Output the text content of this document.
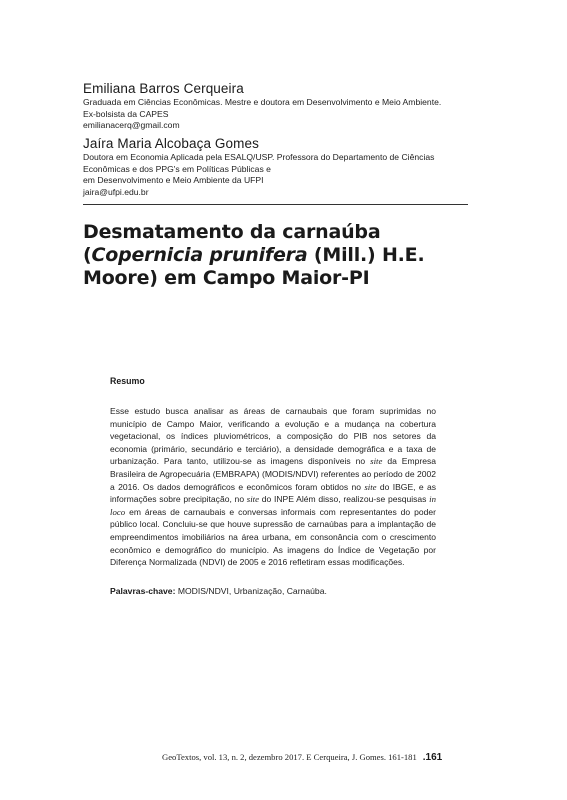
Emiliana Barros Cerqueira
Graduada em Ciências Econômicas. Mestre e doutora em Desenvolvimento e Meio Ambiente.
Ex-bolsista da CAPES
emilianacerq@gmail.com
Jaíra Maria Alcobaça Gomes
Doutora em Economia Aplicada pela ESALQ/USP. Professora do Departamento de Ciências
Econômicas e dos PPG's em Políticas Públicas e
em Desenvolvimento e Meio Ambiente da UFPI
jaira@ufpi.edu.br
Desmatamento da carnaúba (Copernicia prunifera (Mill.) H.E. Moore) em Campo Maior-PI
Resumo
Esse estudo busca analisar as áreas de carnaubais que foram suprimidas no município de Campo Maior, verificando a evolução e a mudança na cobertura vegetacional, os índices pluviométricos, a composição do PIB nos setores da economia (primário, secundário e terciário), a densidade demográfica e a taxa de urbanização. Para tanto, utilizou-se as imagens disponíveis no site da Empresa Brasileira de Agropecuária (EMBRAPA) (MODIS/NDVI) referentes ao período de 2002 a 2016. Os dados demográficos e econômicos foram obtidos no site do IBGE, e as informações sobre precipitação, no site do INPE Além disso, realizou-se pesquisas in loco em áreas de carnaubais e conversas informais com representantes do poder público local. Concluiu-se que houve supressão de carnaúbas para a implantação de empreendimentos imobiliários na área urbana, em consonância com o crescimento econômico e demográfico do município. As imagens do Índice de Vegetação por Diferença Normalizada (NDVI) de 2005 e 2016 refletiram essas modificações.
Palavras-chave: MODIS/NDVI, Urbanização, Carnaúba.
GeoTextos, vol. 13, n. 2, dezembro 2017. E Cerqueira, J. Gomes. 161-181 .161
